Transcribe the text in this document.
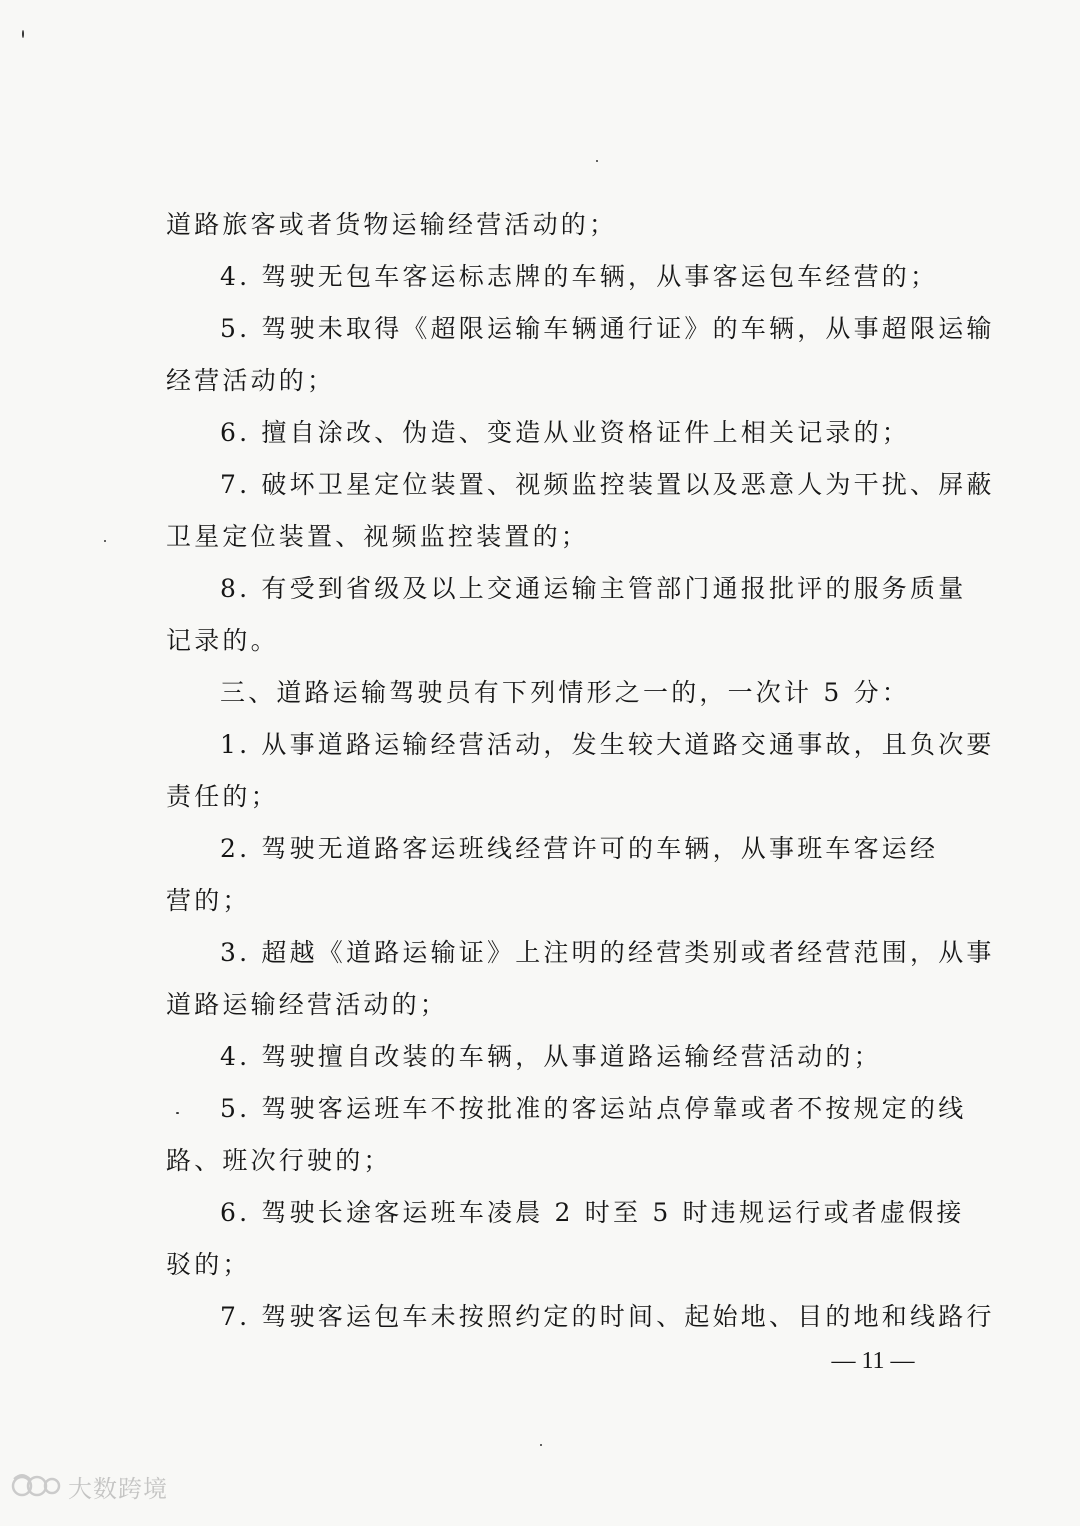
道路旅客或者货物运输经营活动的；
4. 驾驶无包车客运标志牌的车辆，从事客运包车经营的；
5. 驾驶未取得《超限运输车辆通行证》的车辆，从事超限运输
经营活动的；
6. 擅自涂改、伪造、变造从业资格证件上相关记录的；
7. 破坏卫星定位装置、视频监控装置以及恶意人为干扰、屏蔽
卫星定位装置、视频监控装置的；
8. 有受到省级及以上交通运输主管部门通报批评的服务质量
记录的。
三、道路运输驾驶员有下列情形之一的，一次计 5 分：
1. 从事道路运输经营活动，发生较大道路交通事故，且负次要
责任的；
2. 驾驶无道路客运班线经营许可的车辆，从事班车客运经
营的；
3. 超越《道路运输证》上注明的经营类别或者经营范围，从事
道路运输经营活动的；
4. 驾驶擅自改装的车辆，从事道路运输经营活动的；
5. 驾驶客运班车不按批准的客运站点停靠或者不按规定的线
路、班次行驶的；
6. 驾驶长途客运班车凌晨 2 时至 5 时违规运行或者虚假接
驳的；
7. 驾驶客运包车未按照约定的时间、起始地、目的地和线路行
— 11 —
大数跨境
